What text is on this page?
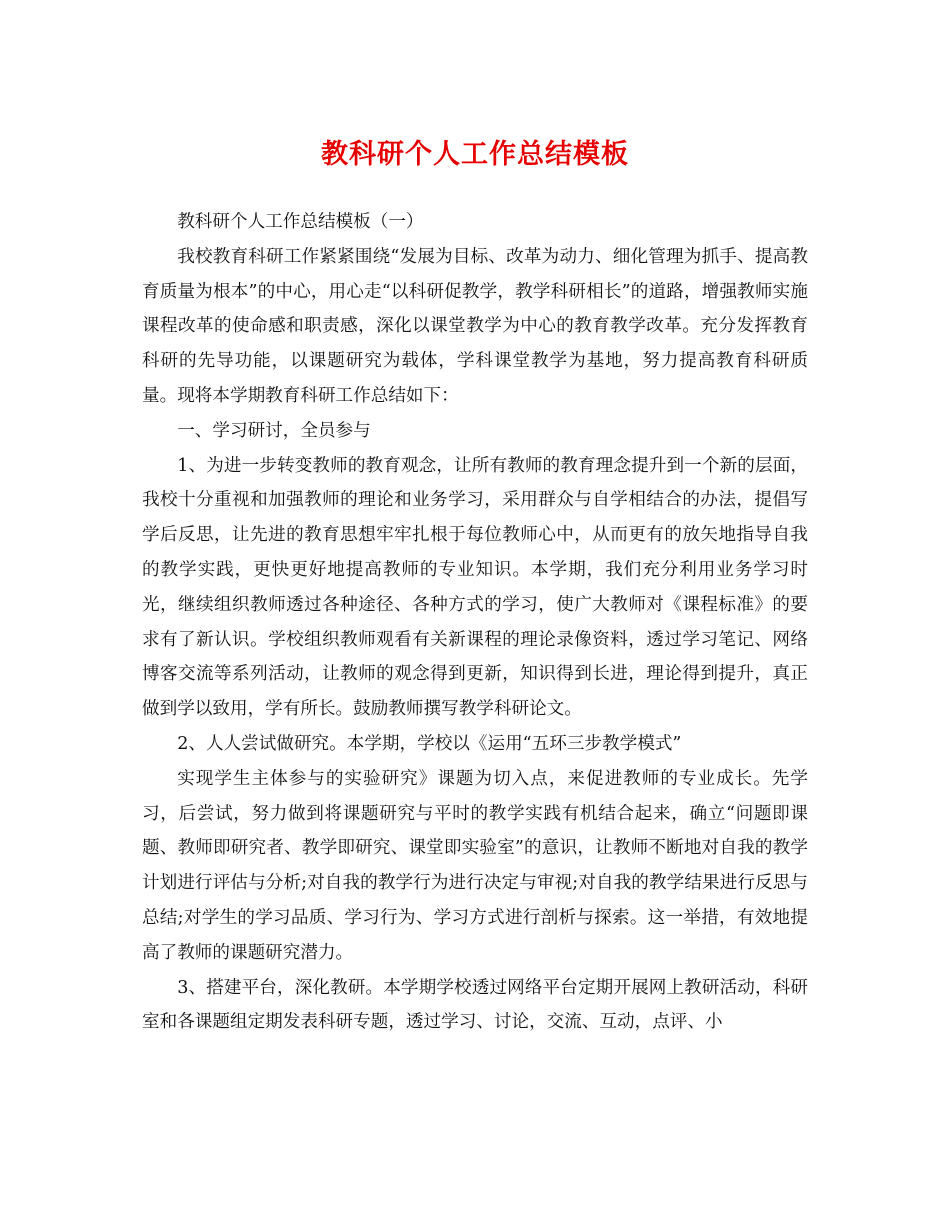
教科研个人工作总结模板

教科研个人工作总结模板（一）

我校教育科研工作紧紧围绕“发展为目标、改革为动力、细化管理为抓手、提高教育质量为根本”的中心，用心走“以科研促教学，教学科研相长”的道路，增强教师实施课程改革的使命感和职责感，深化以课堂教学为中心的教育教学改革。充分发挥教育科研的先导功能，以课题研究为载体，学科课堂教学为基地，努力提高教育科研质量。现将本学期教育科研工作总结如下：

一、学习研讨，全员参与

1、为进一步转变教师的教育观念，让所有教师的教育理念提升到一个新的层面，我校十分重视和加强教师的理论和业务学习，采用群众与自学相结合的办法，提倡写学后反思，让先进的教育思想牢牢扎根于每位教师心中，从而更有的放矢地指导自我的教学实践，更快更好地提高教师的专业知识。本学期，我们充分利用业务学习时光，继续组织教师透过各种途径、各种方式的学习，使广大教师对《课程标准》的要求有了新认识。学校组织教师观看有关新课程的理论录像资料，透过学习笔记、网络博客交流等系列活动，让教师的观念得到更新，知识得到长进，理论得到提升，真正做到学以致用，学有所长。鼓励教师撰写教学科研论文。

2、人人尝试做研究。本学期，学校以《运用“五环三步教学模式”

实现学生主体参与的实验研究》课题为切入点，来促进教师的专业成长。先学习，后尝试，努力做到将课题研究与平时的教学实践有机结合起来，确立“问题即课题、教师即研究者、教学即研究、课堂即实验室”的意识，让教师不断地对自我的教学计划进行评估与分析;对自我的教学行为进行决定与审视;对自我的教学结果进行反思与总结;对学生的学习品质、学习行为、学习方式进行剖析与探索。这一举措，有效地提高了教师的课题研究潜力。

3、搭建平台，深化教研。本学期学校透过网络平台定期开展网上教研活动，科研室和各课题组定期发表科研专题，透过学习、讨论，交流、互动，点评、小
